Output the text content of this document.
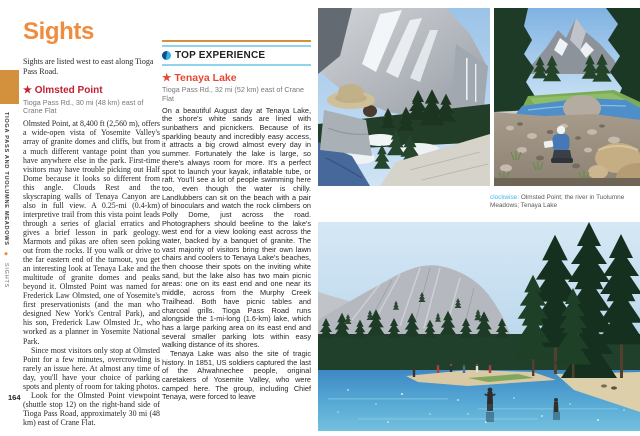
TIOGA PASS AND TUOLUMNE MEADOWS ◆ SIGHTS
164
Sights
Sights are listed west to east along Tioga Pass Road.
★ Olmsted Point
Tioga Pass Rd., 30 mi (48 km) east of Crane Flat

Olmsted Point, at 8,400 ft (2,560 m), offers a wide-open vista of Yosemite Valley's array of granite domes and cliffs, but from a much different vantage point than you have anywhere else in the park. First-time visitors may have trouble picking out Half Dome because it looks so different from this angle. Clouds Rest and the skyscraping walls of Tenaya Canyon are also in full view. A 0.25-mi (0.4-km) interpretive trail from this vista point leads through a series of glacial erratics and gives a brief lesson in park geology. Marmots and pikas are often seen poking out from the rocks. If you walk or drive to the far eastern end of the turnout, you get an interesting look at Tenaya Lake and the multitude of granite domes and peaks beyond it. Olmsted Point was named for Frederick Law Olmsted, one of Yosemite's first preservationists (and the man who designed New York's Central Park), and his son, Frederick Law Olmsted Jr., who worked as a planner in Yosemite National Park.

Since most visitors only stop at Olmsted Point for a few minutes, overcrowding is rarely an issue here. At almost any time of day, you'll have your choice of parking spots and plenty of room for taking photos.

Look for the Olmsted Point viewpoint (shuttle stop 12) on the right-hand side of Tioga Pass Road, approximately 30 mi (48 km) east of Crane Flat.

TOP EXPERIENCE
★ Tenaya Lake
Tioga Pass Rd., 32 mi (52 km) east of Crane Flat

On a beautiful August day at Tenaya Lake, the shore's white sands are lined with sunbathers and picnickers. Because of its sparkling beauty and incredibly easy access, it attracts a big crowd almost every day in summer. Fortunately the lake is large, so there's always room for more. It's a perfect spot to launch your kayak, inflatable tube, or raft. You'll see a lot of people swimming here too, even though the water is chilly. Landlubbers can sit on the beach with a pair of binoculars and watch the rock climbers on Polly Dome, just across the road. Photographers should beeline to the lake's west end for a view looking east across the water, backed by a banquet of granite. The vast majority of visitors bring their own lawn chairs and coolers to Tenaya Lake's beaches, then choose their spots on the inviting white sand, but the lake also has two main picnic areas: one on its east end and one near its middle, across from the Murphy Creek Trailhead. Both have picnic tables and charcoal grills. Tioga Pass Road runs alongside the 1-mi-long (1.6-km) lake, which has a large parking area on its east end and several smaller parking lots within easy walking distance of its shores.

Tenaya Lake was also the site of tragic history. In 1851, US soldiers captured the last of the Ahwahnechee people, original caretakers of Yosemite Valley, who were camped here. The group, including Chief Tenaya, were forced to leave

clockwise: Olmsted Point; the river in Tuolumne Meadows; Tenaya Lake
